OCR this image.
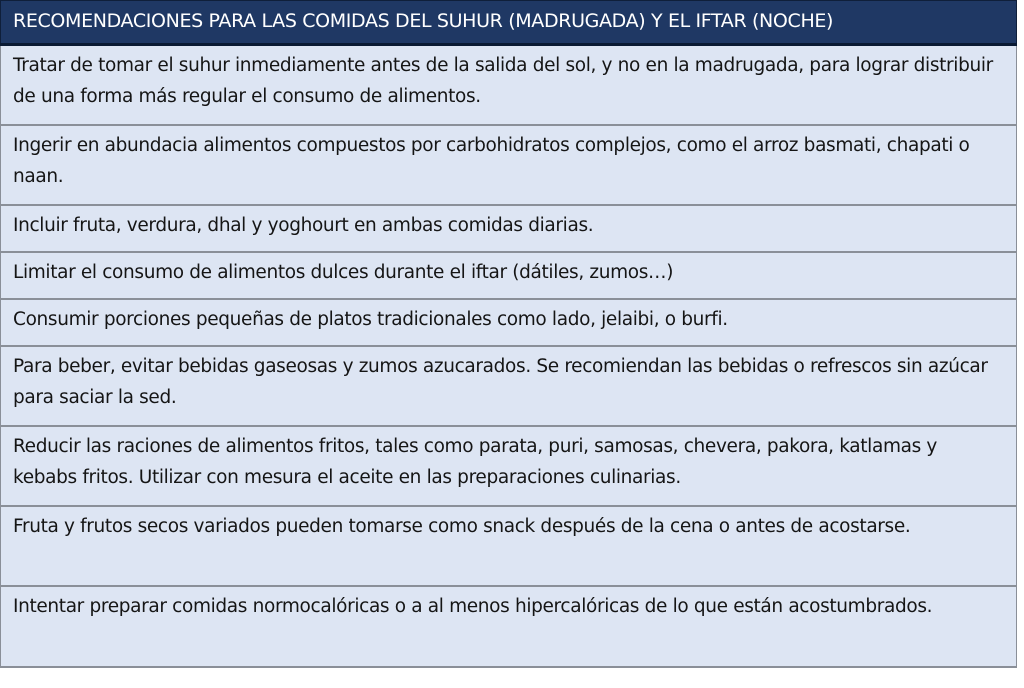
RECOMENDACIONES PARA LAS COMIDAS DEL SUHUR (MADRUGADA) Y EL IFTAR (NOCHE)
Tratar de tomar el suhur inmediamente antes de la salida del sol, y no en la madrugada, para lograr distribuir de una forma más regular el consumo de alimentos.
Ingerir en abundacia alimentos compuestos por carbohidratos complejos, como el arroz basmati, chapati o naan.
Incluir fruta, verdura, dhal y yoghourt en ambas comidas diarias.
Limitar el consumo de alimentos dulces durante el iftar (dátiles, zumos…)
Consumir porciones pequeñas de platos tradicionales como lado, jelaibi, o burfi.
Para beber, evitar bebidas gaseosas y zumos azucarados. Se recomiendan las bebidas o refrescos sin azúcar para saciar la sed.
Reducir las raciones de alimentos fritos, tales como parata, puri, samosas, chevera, pakora, katlamas y kebabs fritos. Utilizar con mesura el aceite en las preparaciones culinarias.
Fruta y frutos secos variados pueden tomarse como snack después de la cena o antes de acostarse.
Intentar preparar comidas normocalóricas o a al menos hipercalóricas de lo que están acostumbrados.
